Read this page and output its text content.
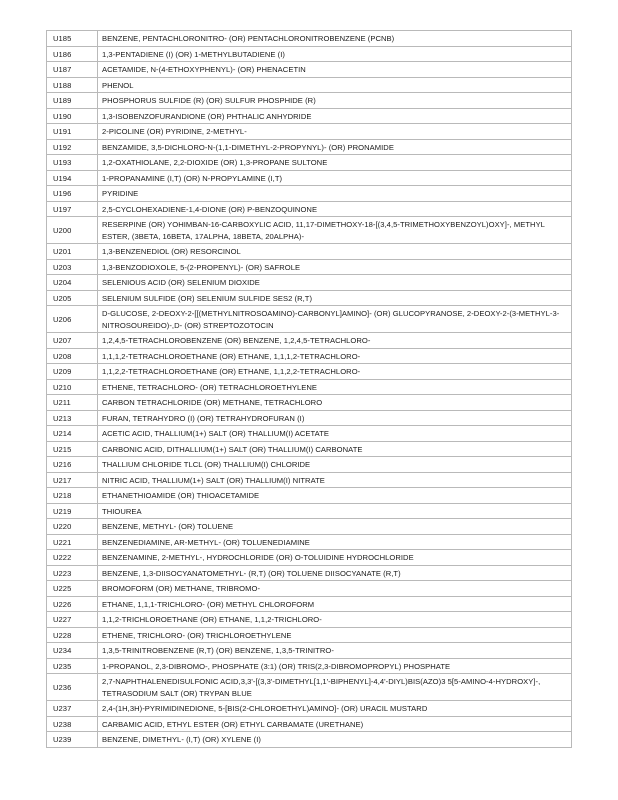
U185	BENZENE, PENTACHLORONITRO- (OR) PENTACHLORONITROBENZENE (PCNB)
U186	1,3-PENTADIENE (I) (OR) 1-METHYLBUTADIENE (I)
U187	ACETAMIDE, N-(4-ETHOXYPHENYL)- (OR) PHENACETIN
U188	PHENOL
U189	PHOSPHORUS SULFIDE (R) (OR) SULFUR PHOSPHIDE (R)
U190	1,3-ISOBENZOFURANDIONE (OR) PHTHALIC ANHYDRIDE
U191	2-PICOLINE (OR) PYRIDINE, 2-METHYL-
U192	BENZAMIDE, 3,5-DICHLORO-N-(1,1-DIMETHYL-2-PROPYNYL)- (OR) PRONAMIDE
U193	1,2-OXATHIOLANE, 2,2-DIOXIDE (OR) 1,3-PROPANE SULTONE
U194	1-PROPANAMINE (I,T) (OR) N-PROPYLAMINE (I,T)
U196	PYRIDINE
U197	2,5-CYCLOHEXADIENE-1,4-DIONE (OR) P-BENZOQUINONE
U200	RESERPINE (OR) YOHIMBAN-16-CARBOXYLIC ACID, 11,17-DIMETHOXY-18-[(3,4,5-TRIMETHOXYBENZOYL)OXY]-, METHYL ESTER, (3BETA, 16BETA, 17ALPHA, 18BETA, 20ALPHA)-
U201	1,3-BENZENEDIOL (OR) RESORCINOL
U203	1,3-BENZODIOXOLE, 5-(2-PROPENYL)- (OR) SAFROLE
U204	SELENIOUS ACID (OR) SELENIUM DIOXIDE
U205	SELENIUM SULFIDE (OR) SELENIUM SULFIDE SES2 (R,T)
U206	D-GLUCOSE, 2-DEOXY-2-[[(METHYLNITROSOAMINO)-CARBONYL]AMINO]- (OR) GLUCOPYRANOSE, 2-DEOXY-2-(3-METHYL-3-NITROSOUREIDO)-,D- (OR) STREPTOZOTOCIN
U207	1,2,4,5-TETRACHLOROBENZENE (OR) BENZENE, 1,2,4,5-TETRACHLORO-
U208	1,1,1,2-TETRACHLOROETHANE (OR) ETHANE, 1,1,1,2-TETRACHLORO-
U209	1,1,2,2-TETRACHLOROETHANE (OR) ETHANE, 1,1,2,2-TETRACHLORO-
U210	ETHENE, TETRACHLORO- (OR) TETRACHLOROETHYLENE
U211	CARBON TETRACHLORIDE (OR) METHANE, TETRACHLORO
U213	FURAN, TETRAHYDRO (I) (OR) TETRAHYDROFURAN (I)
U214	ACETIC ACID, THALLIUM(1+) SALT (OR) THALLIUM(I) ACETATE
U215	CARBONIC ACID, DITHALLIUM(1+) SALT (OR) THALLIUM(I) CARBONATE
U216	THALLIUM CHLORIDE TLCL (OR) THALLIUM(I) CHLORIDE
U217	NITRIC ACID, THALLIUM(1+) SALT (OR) THALLIUM(I) NITRATE
U218	ETHANETHIOAMIDE (OR) THIOACETAMIDE
U219	THIOUREA
U220	BENZENE, METHYL- (OR) TOLUENE
U221	BENZENEDIAMINE, AR-METHYL- (OR) TOLUENEDIAMINE
U222	BENZENAMINE, 2-METHYL-, HYDROCHLORIDE (OR) O-TOLUIDINE HYDROCHLORIDE
U223	BENZENE, 1,3-DIISOCYANATOMETHYL- (R,T) (OR) TOLUENE DIISOCYANATE (R,T)
U225	BROMOFORM (OR) METHANE, TRIBROMO-
U226	ETHANE, 1,1,1-TRICHLORO- (OR) METHYL CHLOROFORM
U227	1,1,2-TRICHLOROETHANE (OR) ETHANE, 1,1,2-TRICHLORO-
U228	ETHENE, TRICHLORO- (OR) TRICHLOROETHYLENE
U234	1,3,5-TRINITROBENZENE (R,T) (OR) BENZENE, 1,3,5-TRINITRO-
U235	1-PROPANOL, 2,3-DIBROMO-, PHOSPHATE (3:1) (OR) TRIS(2,3-DIBROMOPROPYL) PHOSPHATE
U236	2,7-NAPHTHALENEDISULFONIC ACID,3,3'-[(3,3'-DIMETHYL[1,1'-BIPHENYL]-4,4'-DIYL)BIS(AZO)3 5[5-AMINO-4-HYDROXY]-, TETRASODIUM SALT (OR) TRYPAN BLUE
U237	2,4-(1H,3H)-PYRIMIDINEDIONE, 5-[BIS(2-CHLOROETHYL)AMINO]- (OR) URACIL MUSTARD
U238	CARBAMIC ACID, ETHYL ESTER (OR) ETHYL CARBAMATE (URETHANE)
U239	BENZENE, DIMETHYL- (I,T) (OR) XYLENE (I)
